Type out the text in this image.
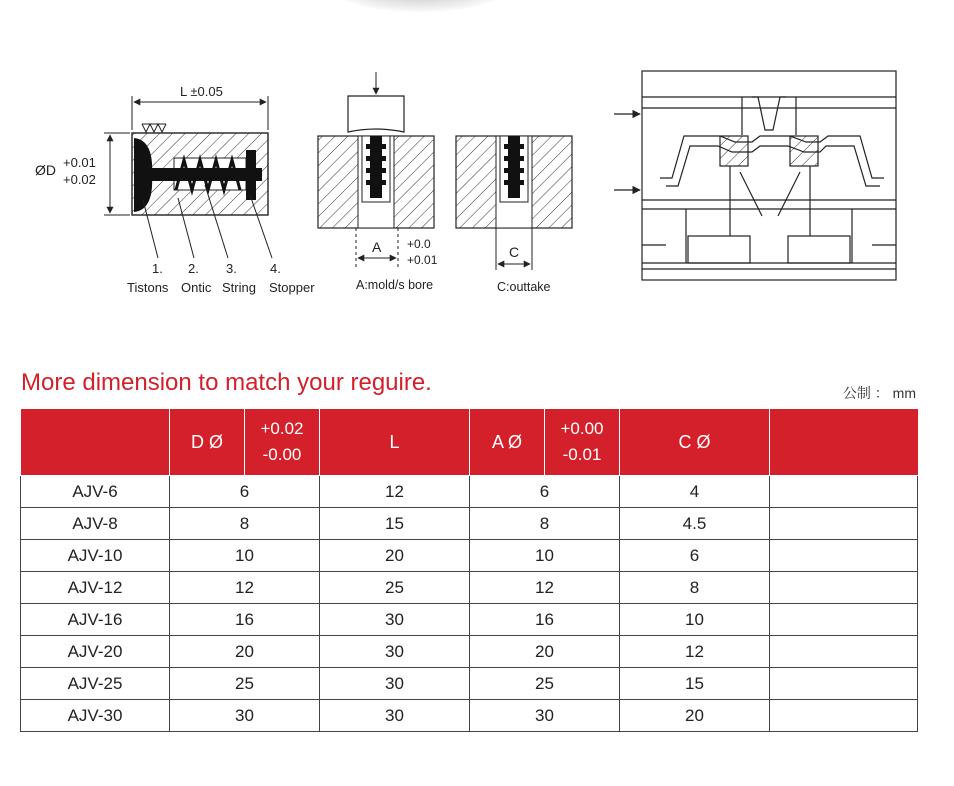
L ±0.05
ØD +0.01
+0.02
1. 2. 3.	4.
Tistons Ontic String Stopper
A +0.0
+0.01
A:mold/s bore
C
C:outtake
More dimension to match your reguire.	公制 ： mm
	D Ø	+0.02
-0.00	L	A Ø	+0.00
-0.01	C Ø	
AJV-6	6		12	6		4	
AJV-8	8		15	8		4.5	
AJV-10	10		20	10		6	
AJV-12	12		25	12		8	
AJV-16	16		30	16		10	
AJV-20	20		30	20		12	
AJV-25	25		30	25		15	
AJV-30	30		30	30		20	
